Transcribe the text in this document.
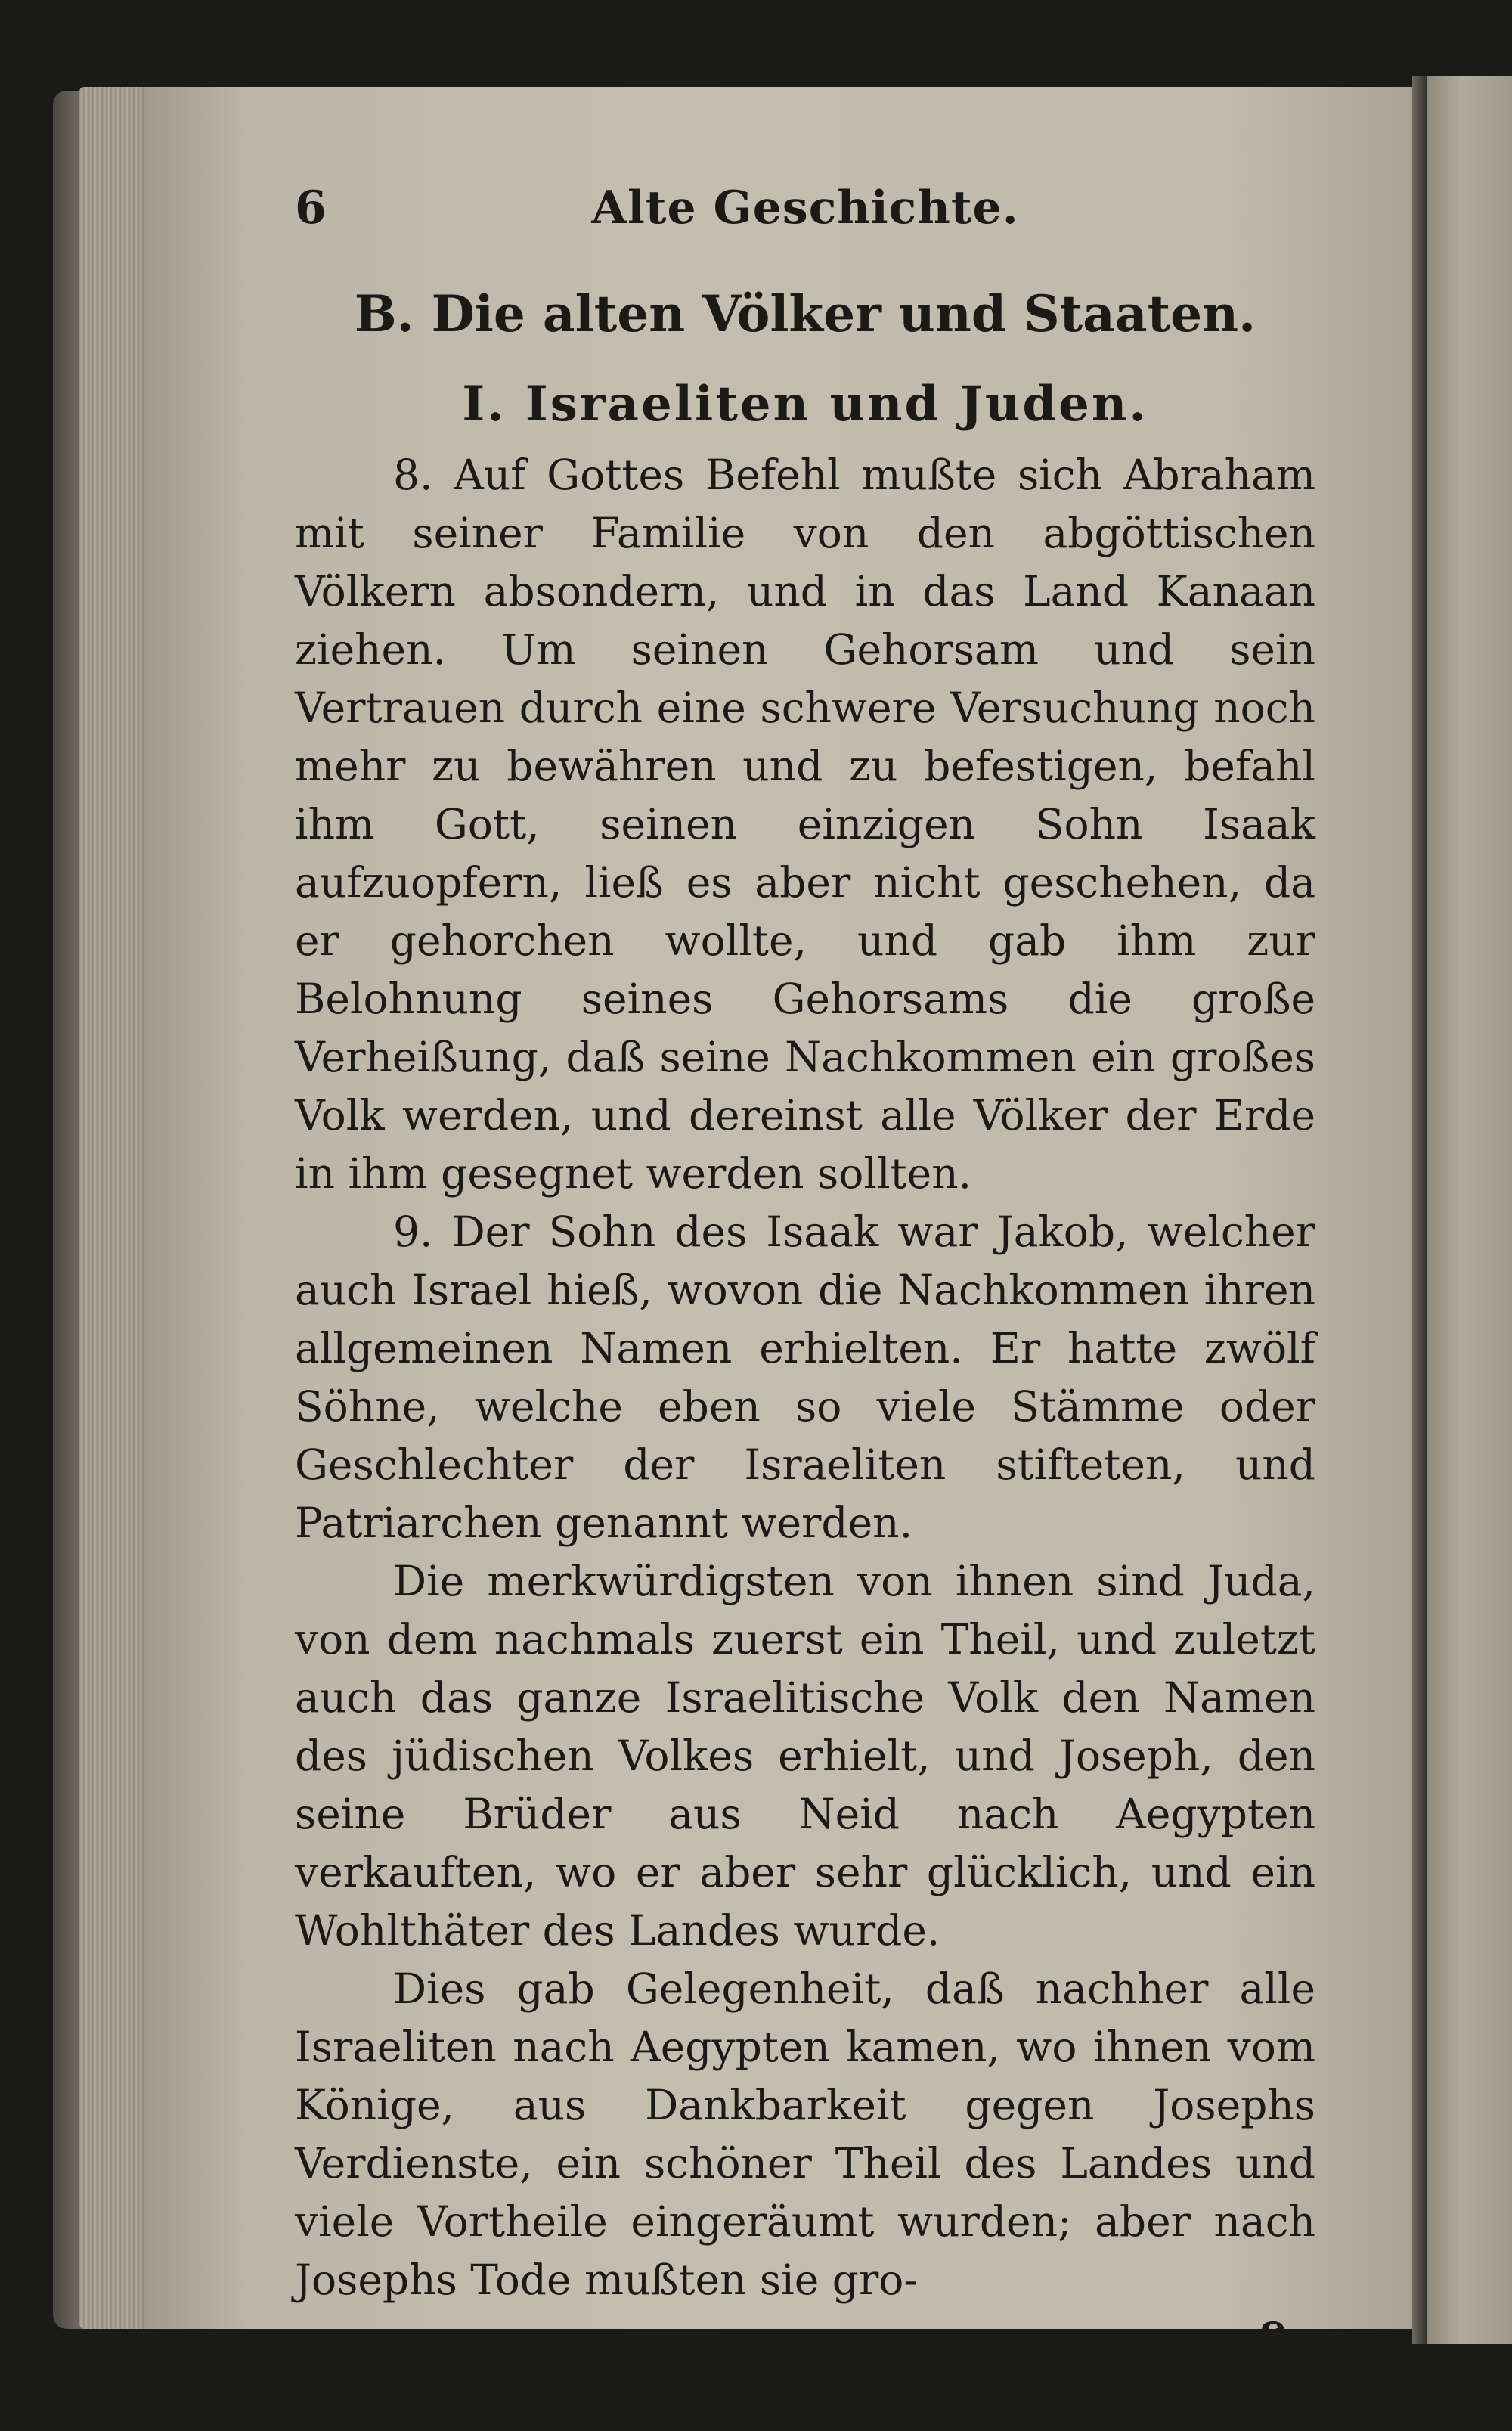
6	Alte Geschichte.
B. Die alten Völker und Staaten.
I. Israeliten und Juden.

8. Auf Gottes Befehl mußte sich Abraham mit seiner Familie von den abgöttischen Völkern absondern, und in das Land Kanaan ziehen. Um seinen Gehorsam und sein Vertrauen durch eine schwere Versuchung noch mehr zu bewähren und zu befestigen, befahl ihm Gott, seinen einzigen Sohn Isaak aufzuopfern, ließ es aber nicht geschehen, da er gehorchen wollte, und gab ihm zur Belohnung seines Gehorsams die große Verheißung, daß seine Nachkommen ein großes Volk werden, und dereinst alle Völker der Erde in ihm gesegnet werden sollten.

9. Der Sohn des Isaak war Jakob, welcher auch Israel hieß, wovon die Nachkommen ihren allgemeinen Namen erhielten. Er hatte zwölf Söhne, welche eben so viele Stämme oder Geschlechter der Israeliten stifteten, und Patriarchen genannt werden.

Die merkwürdigsten von ihnen sind Juda, von dem nachmals zuerst ein Theil, und zuletzt auch das ganze Israelitische Volk den Namen des jüdischen Volkes erhielt, und Joseph, den seine Brüder aus Neid nach Aegypten verkauften, wo er aber sehr glücklich, und ein Wohlthäter des Landes wurde.

Dies gab Gelegenheit, daß nachher alle Israeliten nach Aegypten kamen, wo ihnen vom Könige, aus Dankbarkeit gegen Josephs Verdienste, ein schöner Theil des Landes und viele Vortheile eingeräumt wurden; aber nach Josephs Tode mußten sie gro-

ße
